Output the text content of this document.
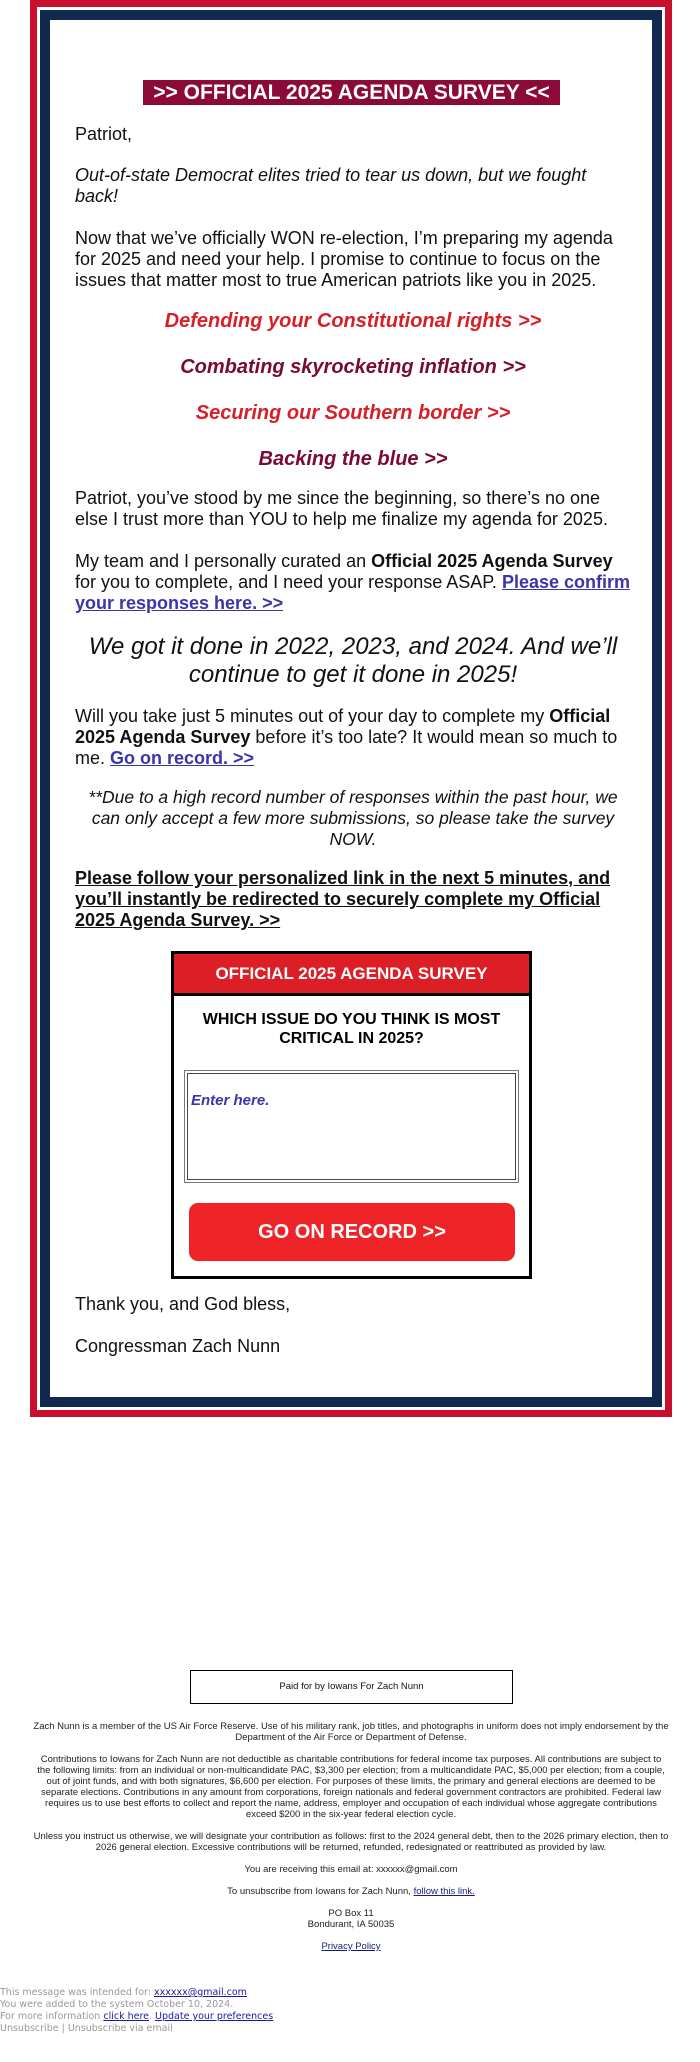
>> OFFICIAL 2025 AGENDA SURVEY <<

Patriot,

Out-of-state Democrat elites tried to tear us down, but we fought back!

Now that we’ve officially WON re-election, I’m preparing my agenda for 2025 and need your help. I promise to continue to focus on the issues that matter most to true American patriots like you in 2025.

Defending your Constitutional rights >>
Combating skyrocketing inflation >>
Securing our Southern border >>
Backing the blue >>

Patriot, you’ve stood by me since the beginning, so there’s no one else I trust more than YOU to help me finalize my agenda for 2025.

My team and I personally curated an Official 2025 Agenda Survey for you to complete, and I need your response ASAP. Please confirm your responses here. >>

We got it done in 2022, 2023, and 2024. And we’ll continue to get it done in 2025!

Will you take just 5 minutes out of your day to complete my Official 2025 Agenda Survey before it’s too late? It would mean so much to me. Go on record. >>

**Due to a high record number of responses within the past hour, we can only accept a few more submissions, so please take the survey NOW.

Please follow your personalized link in the next 5 minutes, and you’ll instantly be redirected to securely complete my Official 2025 Agenda Survey. >>
OFFICIAL 2025 AGENDA SURVEY
WHICH ISSUE DO YOU THINK IS MOST CRITICAL IN 2025?
Enter here.
GO ON RECORD >>

Thank you, and God bless,

Congressman Zach Nunn

Paid for by Iowans For Zach Nunn

Zach Nunn is a member of the US Air Force Reserve. Use of his military rank, job titles, and photographs in uniform does not imply endorsement by the Department of the Air Force or Department of Defense.

Contributions to Iowans for Zach Nunn are not deductible as charitable contributions for federal income tax purposes. All contributions are subject to the following limits: from an individual or non-multicandidate PAC, $3,300 per election; from a multicandidate PAC, $5,000 per election; from a couple, out of joint funds, and with both signatures, $6,600 per election. For purposes of these limits, the primary and general elections are deemed to be separate elections. Contributions in any amount from corporations, foreign nationals and federal government contractors are prohibited. Federal law requires us to use best efforts to collect and report the name, address, employer and occupation of each individual whose aggregate contributions exceed $200 in the six-year federal election cycle.

Unless you instruct us otherwise, we will designate your contribution as follows: first to the 2024 general debt, then to the 2026 primary election, then to 2026 general election. Excessive contributions will be returned, refunded, redesignated or reattributed as provided by law.

You are receiving this email at: xxxxxx@gmail.com

To unsubscribe from Iowans for Zach Nunn, follow this link.

PO Box 11
Bondurant, IA 50035

Privacy Policy

This message was intended for: xxxxxx@gmail.com
You were added to the system October 10, 2024.
For more information click here. Update your preferences
Unsubscribe | Unsubscribe via email
